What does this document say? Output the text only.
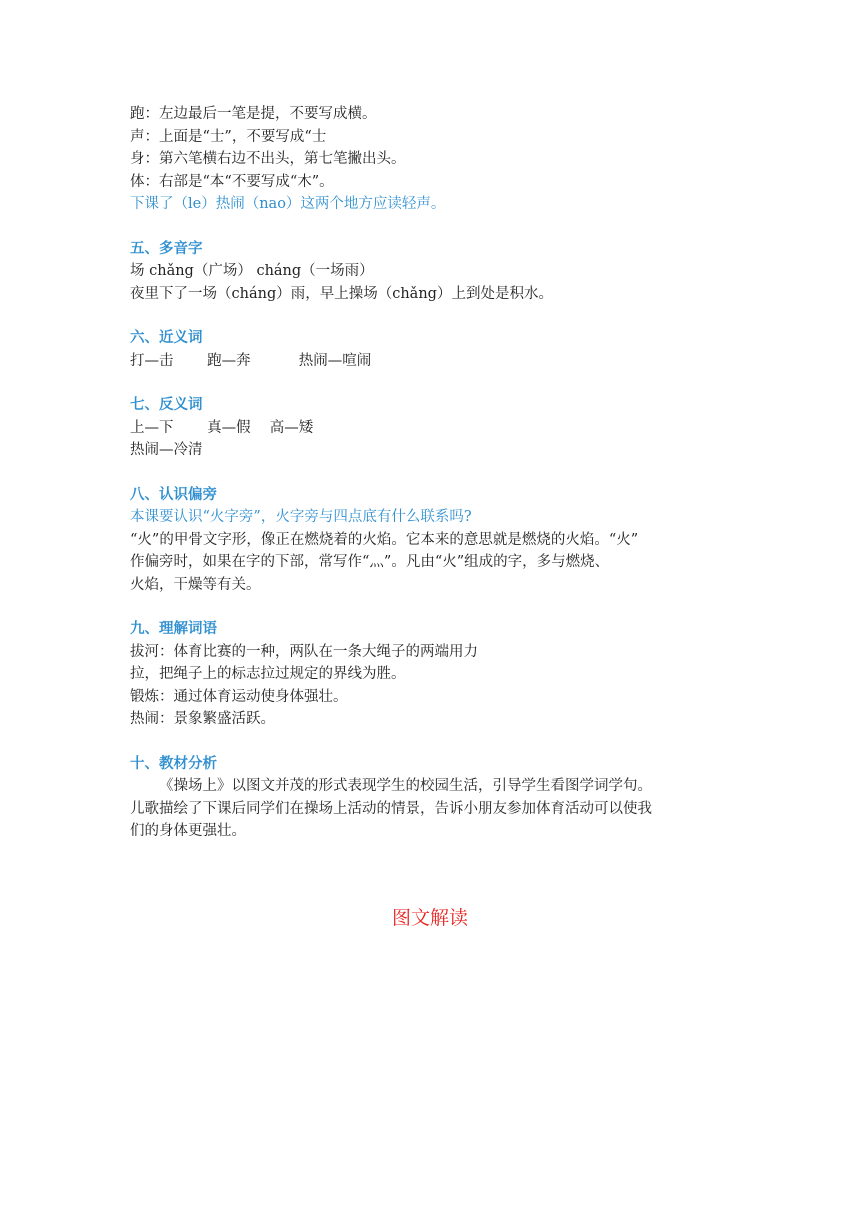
跑：左边最后一笔是提，不要写成横。
声：上面是“士”，不要写成“士
身：第六笔横右边不出头，第七笔撇出头。
体：右部是“本“不要写成“木”。
下课了（le）热闹（nao）这两个地方应读轻声。
五、多音字
场 chǎng（广场） cháng（一场雨）
夜里下了一场（cháng）雨，早上操场（chǎng）上到处是积水。
六、近义词
打—击　　 跑—奔　　　 热闹—喧闹
七、反义词
上—下　　 真—假　 高—矮
热闹—冷清
八、认识偏旁
本课要认识“火字旁”，火字旁与四点底有什么联系吗?
“火”的甲骨文字形，像正在燃烧着的火焰。它本来的意思就是燃烧的火焰。“火”
作偏旁时，如果在字的下部，常写作“灬”。凡由“火”组成的字，多与燃烧、
火焰，干燥等有关。
九、理解词语
拔河：体育比赛的一种，两队在一条大绳子的两端用力
拉，把绳子上的标志拉过规定的界线为胜。
锻炼：通过体育运动使身体强壮。
热闹：景象繁盛活跃。
十、教材分析
《操场上》以图文并茂的形式表现学生的校园生活，引导学生看图学词学句。
儿歌描绘了下课后同学们在操场上活动的情景，告诉小朋友参加体育活动可以使我
们的身体更强壮。
图文解读
